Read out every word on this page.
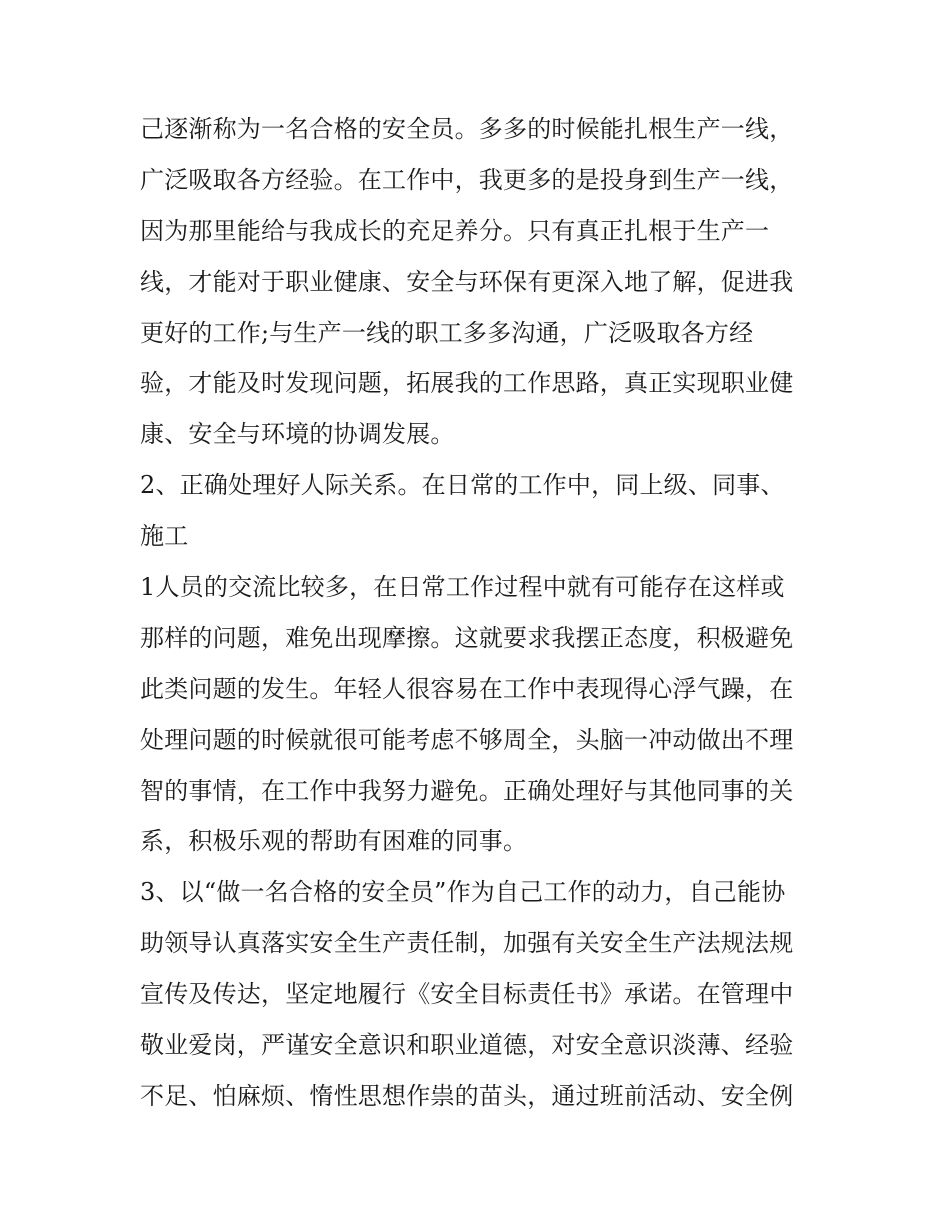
己逐渐称为一名合格的安全员。多多的时候能扎根生产一线，
广泛吸取各方经验。在工作中，我更多的是投身到生产一线，
因为那里能给与我成长的充足养分。只有真正扎根于生产一
线，才能对于职业健康、安全与环保有更深入地了解，促进我
更好的工作;与生产一线的职工多多沟通，广泛吸取各方经
验，才能及时发现问题，拓展我的工作思路，真正实现职业健
康、安全与环境的协调发展。
2、正确处理好人际关系。在日常的工作中，同上级、同事、
施工
1人员的交流比较多，在日常工作过程中就有可能存在这样或
那样的问题，难免出现摩擦。这就要求我摆正态度，积极避免
此类问题的发生。年轻人很容易在工作中表现得心浮气躁，在
处理问题的时候就很可能考虑不够周全，头脑一冲动做出不理
智的事情，在工作中我努力避免。正确处理好与其他同事的关
系，积极乐观的帮助有困难的同事。
3、以“做一名合格的安全员”作为自己工作的动力，自己能协
助领导认真落实安全生产责任制，加强有关安全生产法规法规
宣传及传达，坚定地履行《安全目标责任书》承诺。在管理中
敬业爱岗，严谨安全意识和职业道德，对安全意识淡薄、经验
不足、怕麻烦、惰性思想作祟的苗头，通过班前活动、安全例
